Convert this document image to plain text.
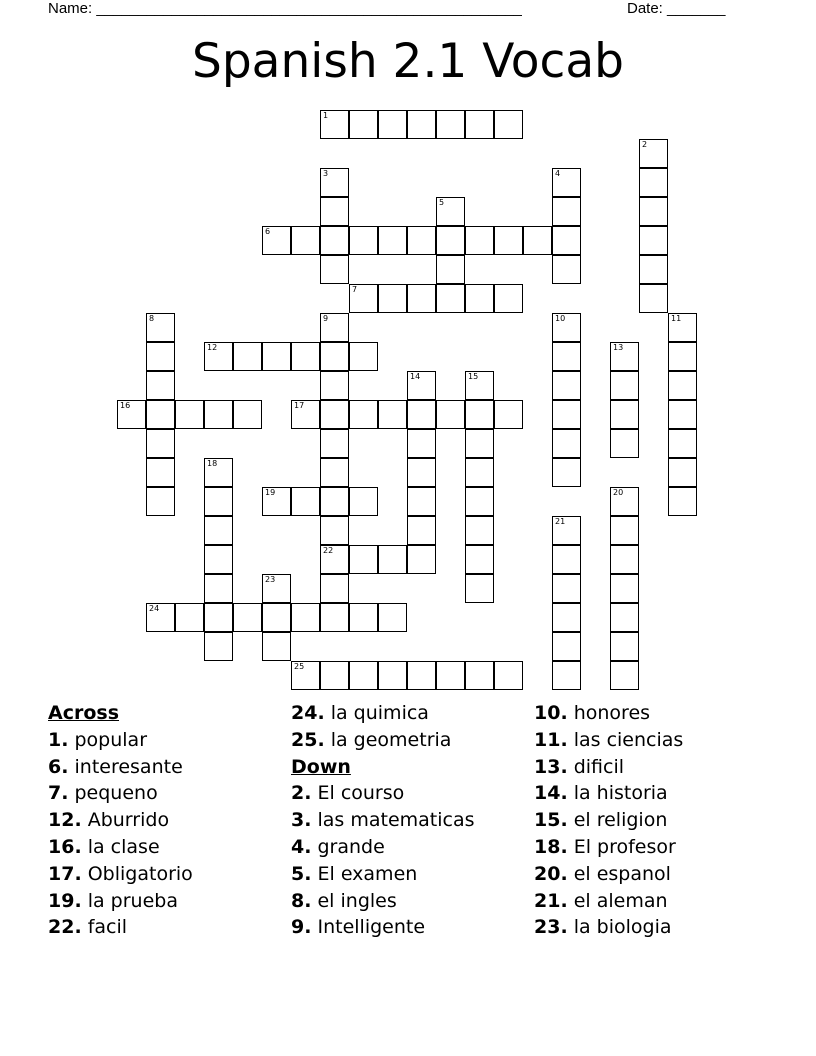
Name: ___________________________________________________	Date: _______
Spanish 2.1 Vocab
1
2
3	4
5
6
7
8	9
22
10	11
12	13
14	15
16	17
18
19	20
21
23
24
25
Across
1. popular
6. interesante
7. pequeno
12. Aburrido
16. la clase
17. Obligatorio
19. la prueba
22. facil
24. la quimica
25. la geometria
Down
2. El courso
3. las matematicas
4. grande
5. El examen
8. el ingles
9. Intelligente
10. honores
11. las ciencias
13. dificil
14. la historia
15. el religion
18. El profesor
20. el espanol
21. el aleman
23. la biologia
